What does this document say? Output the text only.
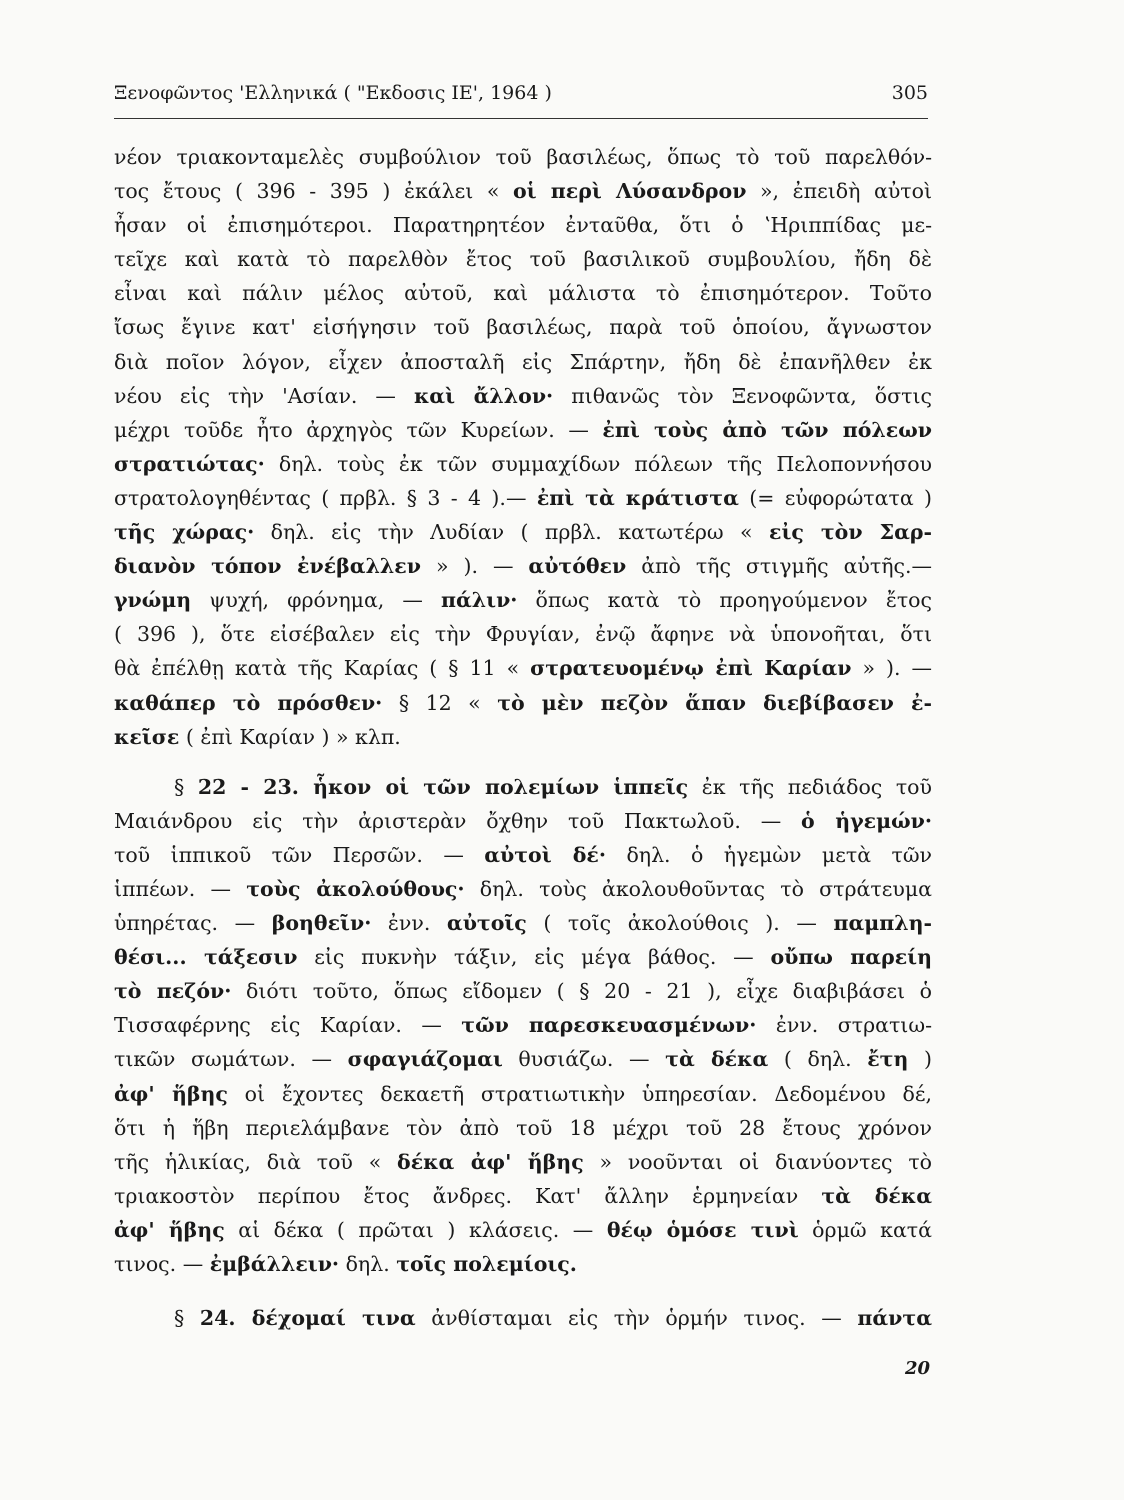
Ξενοφῶντος 'Ελληνικά ( "Εκδοσις ΙΕ', 1964 )	305
νέον τριακονταμελὲς συμβούλιον τοῦ βασιλέως, ὅπως τὸ τοῦ παρελθόν-
τος ἔτους ( 396 - 395 ) ἐκάλει « οἱ περὶ Λύσανδρον », ἐπειδὴ αὐτοὶ
ἦσαν οἱ ἐπισημότεροι. Παρατηρητέον ἐνταῦθα, ὅτι ὁ ʽΗριππίδας με-
τεῖχε καὶ κατὰ τὸ παρελθὸν ἔτος τοῦ βασιλικοῦ συμβουλίου, ἤδη δὲ
εἶναι καὶ πάλιν μέλος αὐτοῦ, καὶ μάλιστα τὸ ἐπισημότερον. Τοῦτο
ἴσως ἔγινε κατ' εἰσήγησιν τοῦ βασιλέως, παρὰ τοῦ ὁποίου, ἄγνωστον
διὰ ποῖον λόγον, εἶχεν ἀποσταλῆ εἰς Σπάρτην, ἤδη δὲ ἐπανῆλθεν ἐκ
νέου εἰς τὴν 'Ασίαν. — καὶ ἄλλον· πιθανῶς τὸν Ξενοφῶντα, ὅστις
μέχρι τοῦδε ἦτο ἀρχηγὸς τῶν Κυρείων. — ἐπὶ τοὺς ἀπὸ τῶν πόλεων
στρατιώτας· δηλ. τοὺς ἐκ τῶν συμμαχίδων πόλεων τῆς Πελοποννήσου
στρατολογηθέντας ( πρβλ. § 3 - 4 ).— ἐπὶ τὰ κράτιστα (= εὐφορώτατα )
τῆς χώρας· δηλ. εἰς τὴν Λυδίαν ( πρβλ. κατωτέρω « εἰς τὸν Σαρ-
διανὸν τόπον ἐνέβαλλεν » ). — αὐτόθεν ἀπὸ τῆς στιγμῆς αὐτῆς.—
γνώμη ψυχή, φρόνημα, — πάλιν· ὅπως κατὰ τὸ προηγούμενον ἔτος
( 396 ), ὅτε εἰσέβαλεν εἰς τὴν Φρυγίαν, ἐνῷ ἄφηνε νὰ ὑπονοῆται, ὅτι
θὰ ἐπέλθῃ κατὰ τῆς Καρίας ( § 11 « στρατευομένῳ ἐπὶ Καρίαν » ). —
καθάπερ τὸ πρόσθεν· § 12 « τὸ μὲν πεζὸν ἅπαν διεβίβασεν ἐ-
κεῖσε ( ἐπὶ Καρίαν ) » κλπ.
§ 22 - 23. ἧκον οἱ τῶν πολεμίων ἱππεῖς ἐκ τῆς πεδιάδος τοῦ
Μαιάνδρου εἰς τὴν ἀριστερὰν ὄχθην τοῦ Πακτωλοῦ. — ὁ ἡγεμών·
τοῦ ἱππικοῦ τῶν Περσῶν. — αὐτοὶ δέ· δηλ. ὁ ἡγεμὼν μετὰ τῶν
ἱππέων. — τοὺς ἀκολούθους· δηλ. τοὺς ἀκολουθοῦντας τὸ στράτευμα
ὑπηρέτας. — βοηθεῖν· ἐνν. αὐτοῖς ( τοῖς ἀκολούθοις ). — παμπλη-
θέσι... τάξεσιν εἰς πυκνὴν τάξιν, εἰς μέγα βάθος. — οὔπω παρείη
τὸ πεζόν· διότι τοῦτο, ὅπως εἴδομεν ( § 20 - 21 ), εἶχε διαβιβάσει ὁ
Τισσαφέρνης εἰς Καρίαν. — τῶν παρεσκευασμένων· ἐνν. στρατιω-
τικῶν σωμάτων. — σφαγιάζομαι θυσιάζω. — τὰ δέκα ( δηλ. ἔτη )
ἀφ' ἥβης οἱ ἔχοντες δεκαετῆ στρατιωτικὴν ὑπηρεσίαν. Δεδομένου δέ,
ὅτι ἡ ἥβη περιελάμβανε τὸν ἀπὸ τοῦ 18 μέχρι τοῦ 28 ἔτους χρόνον
τῆς ἡλικίας, διὰ τοῦ « δέκα ἀφ' ἥβης » νοοῦνται οἱ διανύοντες τὸ
τριακοστὸν περίπου ἔτος ἄνδρες. Κατ' ἄλλην ἑρμηνείαν τὰ δέκα
ἀφ' ἥβης αἱ δέκα ( πρῶται ) κλάσεις. — θέῳ ὁμόσε τινὶ ὁρμῶ κατά
τινος. — ἐμβάλλειν· δηλ. τοῖς πολεμίοις.
§ 24. δέχομαί τινα ἀνθίσταμαι εἰς τὴν ὁρμήν τινος. — πάντα
20
